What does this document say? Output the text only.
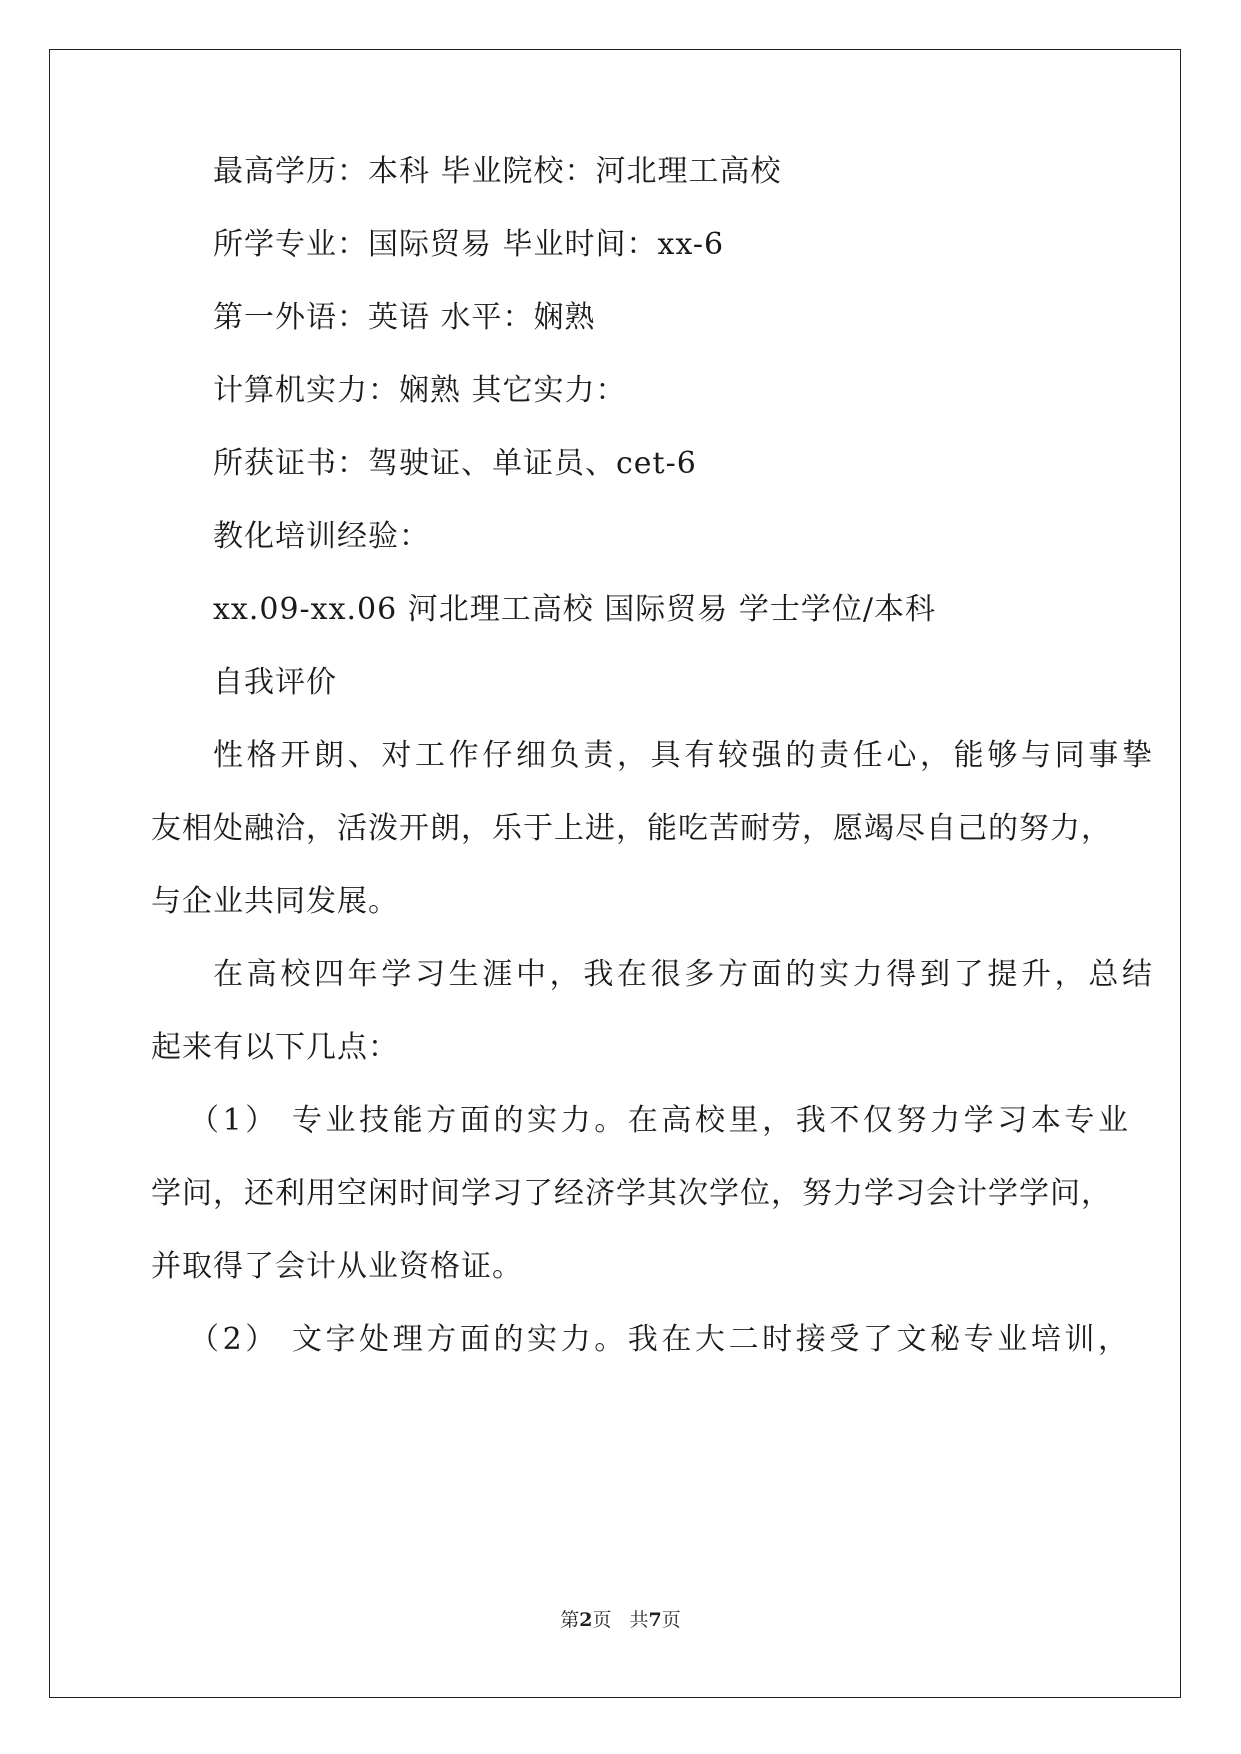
最高学历：本科 毕业院校：河北理工高校
所学专业：国际贸易 毕业时间：xx-6
第一外语：英语 水平：娴熟
计算机实力：娴熟 其它实力：
所获证书：驾驶证、单证员、cet-6
教化培训经验：
xx.09-xx.06 河北理工高校 国际贸易 学士学位/本科
自我评价
性格开朗、对工作仔细负责，具有较强的责任心，能够与同事挚
友相处融洽，活泼开朗，乐于上进，能吃苦耐劳，愿竭尽自己的努力，
与企业共同发展。
在高校四年学习生涯中，我在很多方面的实力得到了提升，总结
起来有以下几点：
（1） 专业技能方面的实力。在高校里，我不仅努力学习本专业
学问，还利用空闲时间学习了经济学其次学位，努力学习会计学学问，
并取得了会计从业资格证。
（2） 文字处理方面的实力。我在大二时接受了文秘专业培训，
第2页 共7页
